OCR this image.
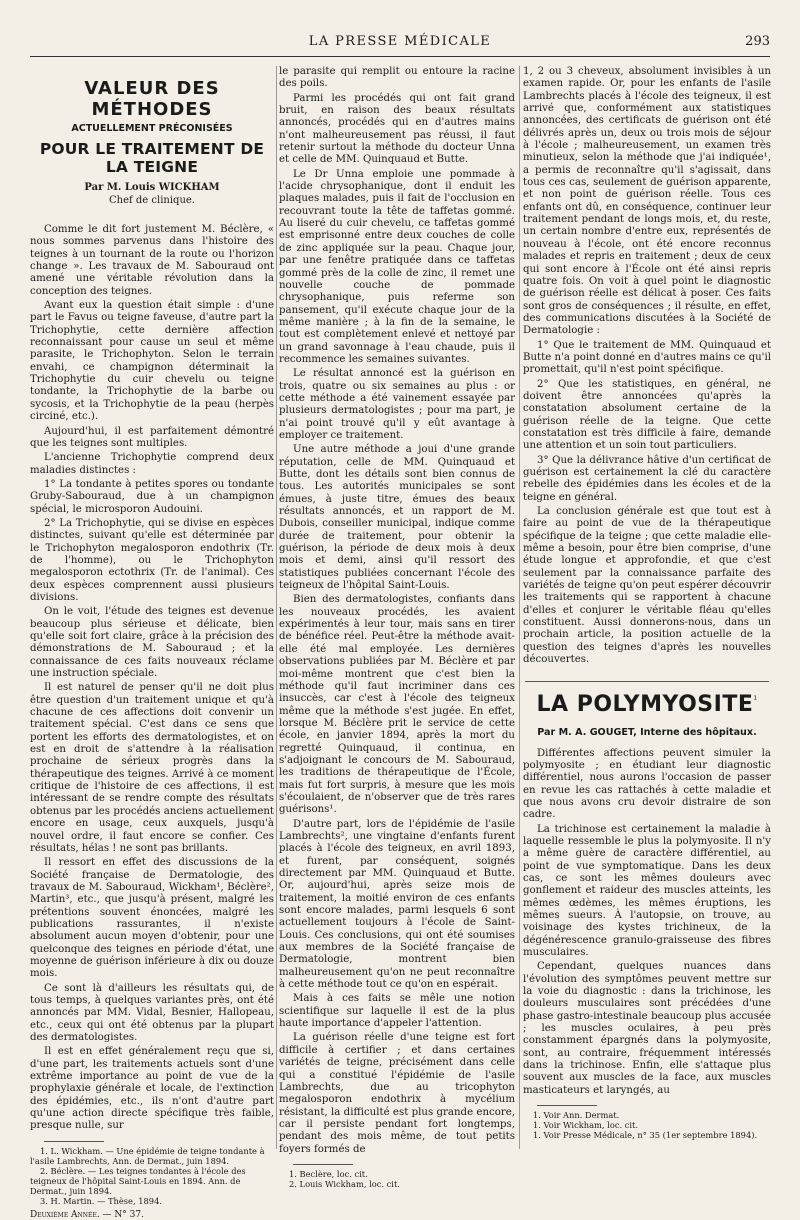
LA PRESSE MÉDICALE	293
VALEUR DES MÉTHODES
ACTUELLEMENT PRÉCONISÉES
POUR LE TRAITEMENT DE LA TEIGNE
Par M. Louis WICKHAM
Chef de clinique.

Comme le dit fort justement M. Béclère, « nous sommes parvenus dans l'histoire des teignes à un tournant de la route ou l'horizon change ». Les travaux de M. Sabouraud ont amené une véritable révolution dans la conception des teignes.

Avant eux la question était simple : d'une part le Favus ou teigne faveuse, d'autre part la Trichophytie, cette dernière affection reconnaissant pour cause un seul et même parasite, le Trichophyton. Selon le terrain envahi, ce champignon déterminait la Trichophytie du cuir chevelu ou teigne tondante, la Trichophytie de la barbe ou sycosis, et la Trichophytie de la peau (herpès circiné, etc.).

Aujourd'hui, il est parfaitement démontré que les teignes sont multiples.

L'ancienne Trichophytie comprend deux maladies distinctes :

1° La tondante à petites spores ou tondante Gruby-Sabouraud, due à un champignon spécial, le microsporon Audouini.

2° La Trichophytie, qui se divise en espèces distinctes, suivant qu'elle est déterminée par le Trichophyton megalosporon endothrix (Tr. de l'homme), ou le Trichophyton megalosporon ectothrix (Tr. de l'animal). Ces deux espèces comprennent aussi plusieurs divisions.

On le voit, l'étude des teignes est devenue beaucoup plus sérieuse et délicate, bien qu'elle soit fort claire, grâce à la précision des démonstrations de M. Sabouraud ; et la connaissance de ces faits nouveaux réclame une instruction spéciale.

Il est naturel de penser qu'il ne doit plus être question d'un traitement unique et qu'à chacune de ces affections doit convenir un traitement spécial. C'est dans ce sens que portent les efforts des dermatologistes, et on est en droit de s'attendre à la réalisation prochaine de sérieux progrès dans la thérapeutique des teignes. Arrivé à ce moment critique de l'histoire de ces affections, il est intéressant de se rendre compte des résultats obtenus par les procédés anciens actuellement encore en usage, ceux auxquels, jusqu'à nouvel ordre, il faut encore se confier. Ces résultats, hélas ! ne sont pas brillants.

Il ressort en effet des discussions de la Société française de Dermatologie, des travaux de M. Sabouraud, Wickham¹, Béclère², Martin³, etc., que jusqu'à présent, malgré les prétentions souvent énoncées, malgré les publications rassurantes, il n'existe absolument aucun moyen d'obtenir, pour une quelconque des teignes en période d'état, une moyenne de guérison inférieure à dix ou douze mois.

Ce sont là d'ailleurs les résultats qui, de tous temps, à quelques variantes près, ont été annoncés par MM. Vidal, Besnier, Hallopeau, etc., ceux qui ont été obtenus par la plupart des dermatologistes.

Il est en effet généralement reçu que si, d'une part, les traitements actuels sont d'une extrême importance au point de vue de la prophylaxie générale et locale, de l'extinction des épidémies, etc., ils n'ont d'autre part qu'une action directe spécifique très faible, presque nulle, sur

1. L. Wickham. — Une épidémie de teigne tondante à l'asile Lambrechts, Ann. de Dermat., juin 1894.

2. Béclère. — Les teignes tondantes à l'école des teigneux de l'hôpital Saint-Louis en 1894. Ann. de Dermat., juin 1894.

3. H. Martin. — Thèse, 1894.

Deuxième Année. — N° 37.

le parasite qui remplit ou entoure la racine des poils.

Parmi les procédés qui ont fait grand bruit, en raison des beaux résultats annoncés, procédés qui en d'autres mains n'ont malheureusement pas réussi, il faut retenir surtout la méthode du docteur Unna et celle de MM. Quinquaud et Butte.

Le Dr Unna emploie une pommade à l'acide chrysophanique, dont il enduit les plaques malades, puis il fait de l'occlusion en recouvrant toute la tête de taffetas gommé. Au liseré du cuir chevelu, ce taffetas gommé est emprisonné entre deux couches de colle de zinc appliquée sur la peau. Chaque jour, par une fenêtre pratiquée dans ce taffetas gommé près de la colle de zinc, il remet une nouvelle couche de pommade chrysophanique, puis referme son pansement, qu'il exécute chaque jour de la même manière ; à la fin de la semaine, le tout est complètement enlevé et nettoyé par un grand savonnage à l'eau chaude, puis il recommence les semaines suivantes.

Le résultat annoncé est la guérison en trois, quatre ou six semaines au plus : or cette méthode a été vainement essayée par plusieurs dermatologistes ; pour ma part, je n'ai point trouvé qu'il y eût avantage à employer ce traitement.

Une autre méthode a joui d'une grande réputation, celle de MM. Quinquaud et Butte, dont les détails sont bien connus de tous. Les autorités municipales se sont émues, à juste titre, émues des beaux résultats annoncés, et un rapport de M. Dubois, conseiller municipal, indique comme durée de traitement, pour obtenir la guérison, la période de deux mois à deux mois et demi, ainsi qu'il ressort des statistiques publiées concernant l'école des teigneux de l'hôpital Saint-Louis.

Bien des dermatologistes, confiants dans les nouveaux procédés, les avaient expérimentés à leur tour, mais sans en tirer de bénéfice réel. Peut-être la méthode avait-elle été mal employée. Les dernières observations publiées par M. Béclère et par moi-même montrent que c'est bien la méthode qu'il faut incriminer dans ces insuccès, car c'est à l'école des teigneux même que la méthode s'est jugée. En effet, lorsque M. Béclère prit le service de cette école, en janvier 1894, après la mort du regretté Quinquaud, il continua, en s'adjoignant le concours de M. Sabouraud, les traditions de thérapeutique de l'École, mais fut fort surpris, à mesure que les mois s'écoulaient, de n'observer que de très rares guérisons¹.

D'autre part, lors de l'épidémie de l'asile Lambrechts², une vingtaine d'enfants furent placés à l'école des teigneux, en avril 1893, et furent, par conséquent, soignés directement par MM. Quinquaud et Butte. Or, aujourd'hui, après seize mois de traitement, la moitié environ de ces enfants sont encore malades, parmi lesquels 6 sont actuellement toujours à l'école de Saint-Louis. Ces conclusions, qui ont été soumises aux membres de la Société française de Dermatologie, montrent bien malheureusement qu'on ne peut reconnaître à cette méthode tout ce qu'on en espérait.

Mais à ces faits se mêle une notion scientifique sur laquelle il est de la plus haute importance d'appeler l'attention.

La guérison réelle d'une teigne est fort difficile à certifier ; et dans certaines variétés de teigne, précisément dans celle qui a constitué l'épidémie de l'asile Lambrechts, due au tricophyton megalosporon endothrix à mycélium résistant, la difficulté est plus grande encore, car il persiste pendant fort longtemps, pendant des mois même, de tout petits foyers formés de

1. Beclère, loc. cit.

2. Louis Wickham, loc. cit.

1, 2 ou 3 cheveux, absolument invisibles à un examen rapide. Or, pour les enfants de l'asile Lambrechts placés à l'école des teigneux, il est arrivé que, conformément aux statistiques annoncées, des certificats de guérison ont été délivrés après un, deux ou trois mois de séjour à l'école ; malheureusement, un examen très minutieux, selon la méthode que j'ai indiquée¹, a permis de reconnaître qu'il s'agissait, dans tous ces cas, seulement de guérison apparente, et non point de guérison réelle. Tous ces enfants ont dû, en conséquence, continuer leur traitement pendant de longs mois, et, du reste, un certain nombre d'entre eux, représentés de nouveau à l'école, ont été encore reconnus malades et repris en traitement ; deux de ceux qui sont encore à l'École ont été ainsi repris quatre fois. On voit à quel point le diagnostic de guérison réelle est délicat à poser. Ces faits sont gros de conséquences ; il résulte, en effet, des communications discutées à la Société de Dermatologie :

1° Que le traitement de MM. Quinquaud et Butte n'a point donné en d'autres mains ce qu'il promettait, qu'il n'est point spécifique.

2° Que les statistiques, en général, ne doivent être annoncées qu'après la constatation absolument certaine de la guérison réelle de la teigne. Que cette constatation est très difficile à faire, demande une attention et un soin tout particuliers.

3° Que la délivrance hâtive d'un certificat de guérison est certainement la clé du caractère rebelle des épidémies dans les écoles et de la teigne en général.

La conclusion générale est que tout est à faire au point de vue de la thérapeutique spécifique de la teigne ; que cette maladie elle-même a besoin, pour être bien comprise, d'une étude longue et approfondie, et que c'est seulement par la connaissance parfaite des variétés de teigne qu'on peut espérer découvrir les traitements qui se rapportent à chacune d'elles et conjurer le véritable fléau qu'elles constituent. Aussi donnerons-nous, dans un prochain article, la position actuelle de la question des teignes d'après les nouvelles découvertes.

LA $POLYMYOSITE^{^1}$
Par M. A. GOUGET, Interne des hôpitaux.

Différentes affections peuvent simuler la polymyosite ; en étudiant leur diagnostic différentiel, nous aurons l'occasion de passer en revue les cas rattachés à cette maladie et que nous avons cru devoir distraire de son cadre.

La trichinose est certainement la maladie à laquelle ressemble le plus la polymyosite. Il n'y a même guère de caractère différentiel, au point de vue symptomatique. Dans les deux cas, ce sont les mêmes douleurs avec gonflement et raideur des muscles atteints, les mêmes œdèmes, les mêmes éruptions, les mêmes sueurs. À l'autopsie, on trouve, au voisinage des kystes trichineux, de la dégénérescence granulo-graisseuse des fibres musculaires.

Cependant, quelques nuances dans l'évolution des symptômes peuvent mettre sur la voie du diagnostic : dans la trichinose, les douleurs musculaires sont précédées d'une phase gastro-intestinale beaucoup plus accusée ; les muscles oculaires, à peu près constamment épargnés dans la polymyosite, sont, au contraire, fréquemment intéressés dans la trichinose. Enfin, elle s'attaque plus souvent aux muscles de la face, aux muscles masticateurs et laryngés, au

1. Voir Ann. Dermat.

1. Voir Wickham, loc. cit.

1. Voir Presse Médicale, n° 35 (1er septembre 1894).
